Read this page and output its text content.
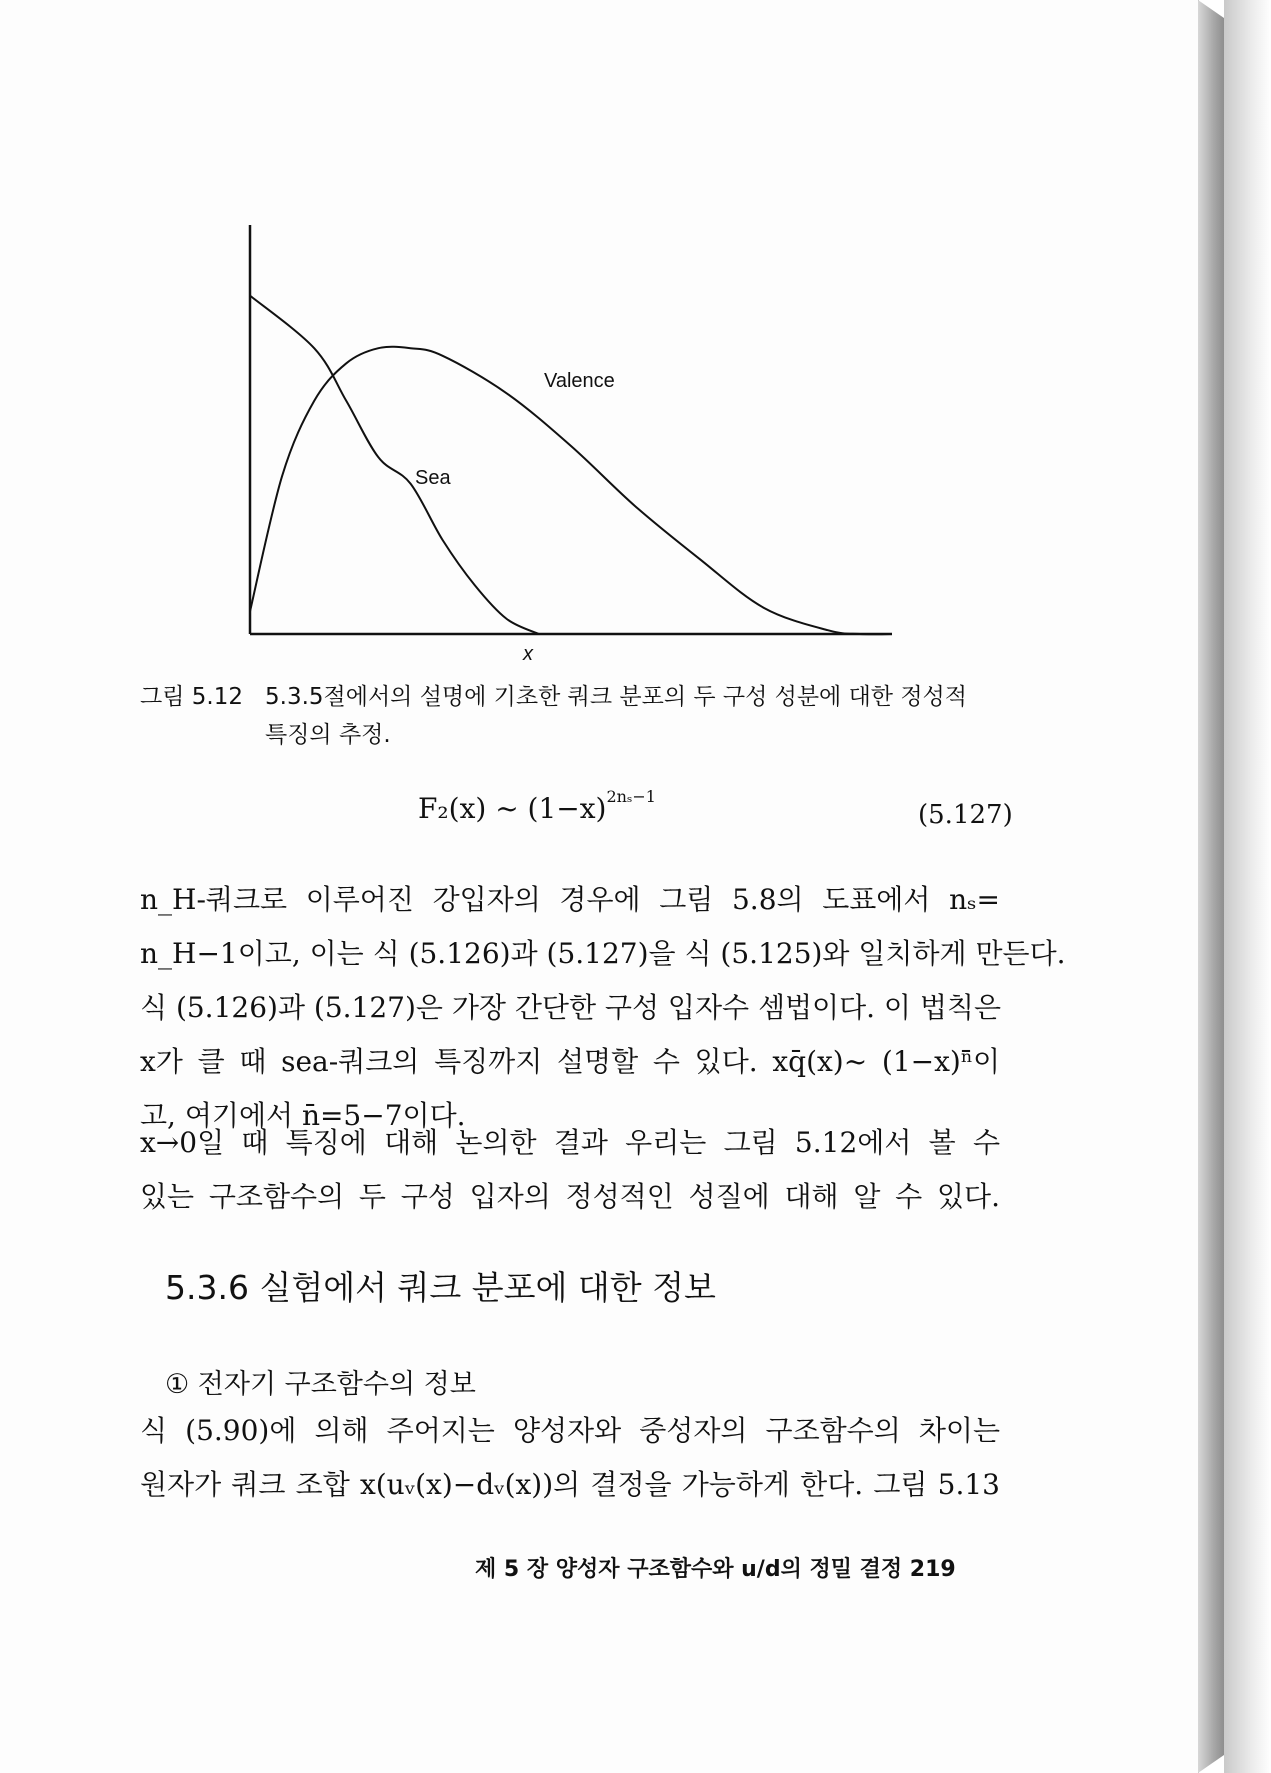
Valence
Sea
x
그림 5.12 5.3.5절에서의 설명에 기초한 쿼크 분포의 두 구성 성분에 대한 정성적
특징의 추정.
F₂(x) ~ $(1-x)^{2n_s-1}$
(5.127)
n_H-쿼크로 이루어진 강입자의 경우에 그림 5.8의 도표에서 nₛ=
n_H−1이고, 이는 식 (5.126)과 (5.127)을 식 (5.125)와 일치하게 만든다.
식 (5.126)과 (5.127)은 가장 간단한 구성 입자수 셈법이다. 이 법칙은
x가 클 때 sea-쿼크의 특징까지 설명할 수 있다. xq̄(x)~ (1−x)ⁿ̄이
고, 여기에서 n̄=5−7이다.
x→0일 때 특징에 대해 논의한 결과 우리는 그림 5.12에서 볼 수
있는 구조함수의 두 구성 입자의 정성적인 성질에 대해 알 수 있다.
5.3.6 실험에서 쿼크 분포에 대한 정보
① 전자기 구조함수의 정보
식 (5.90)에 의해 주어지는 양성자와 중성자의 구조함수의 차이는
원자가 쿼크 조합 x(uᵥ(x)−dᵥ(x))의 결정을 가능하게 한다. 그림 5.13
제 5 장 양성자 구조함수와 u/d의 정밀 결정 219
